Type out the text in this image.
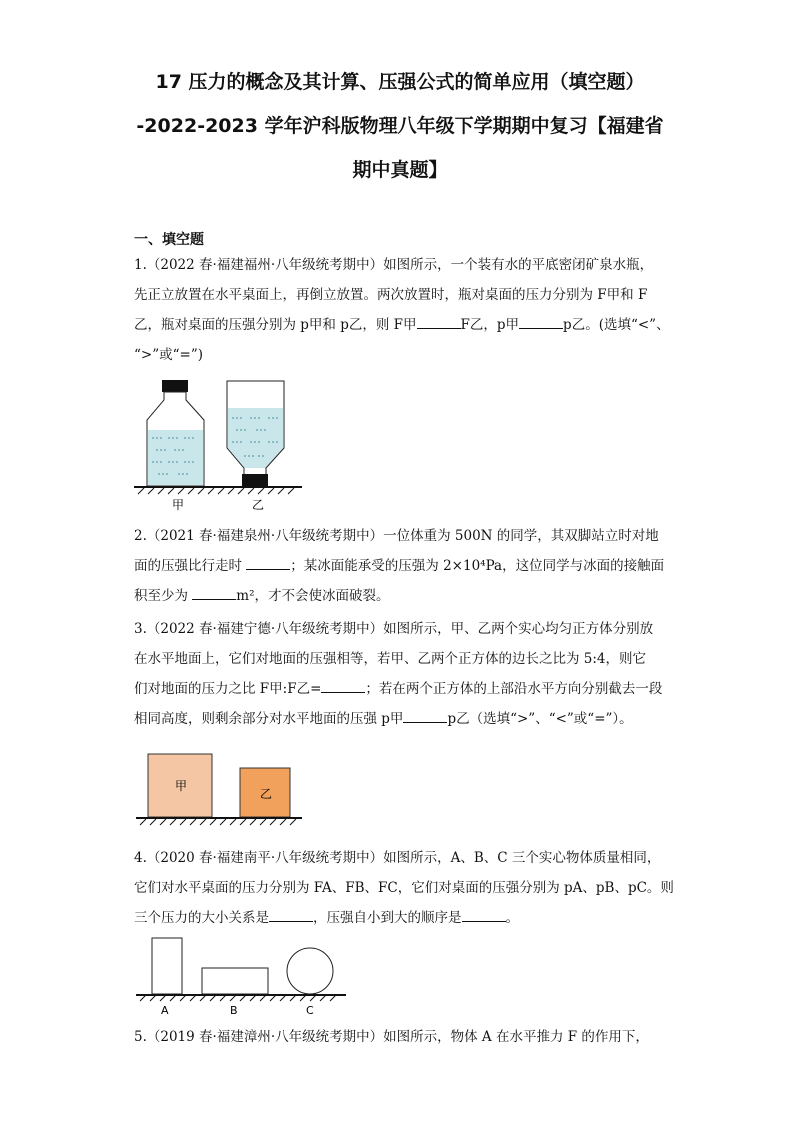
17 压力的概念及其计算、压强公式的简单应用（填空题）
-2022-2023 学年沪科版物理八年级下学期期中复习【福建省
期中真题】
一、填空题
1.（2022 春·福建福州·八年级统考期中）如图所示，一个装有水的平底密闭矿泉水瓶，
先正立放置在水平桌面上，再倒立放置。两次放置时，瓶对桌面的压力分别为 F甲和 F
乙，瓶对桌面的压强分别为 p甲和 p乙，则 F甲	F乙，p甲	p乙。(选填“<”、
“>”或“=”)
甲	乙
2.（2021 春·福建泉州·八年级统考期中）一位体重为 500N 的同学，其双脚站立时对地
面的压强比行走时	；某冰面能承受的压强为 2×10⁴Pa，这位同学与冰面的接触面
积至少为	m²，才不会使冰面破裂。
3.（2022 春·福建宁德·八年级统考期中）如图所示，甲、乙两个实心均匀正方体分别放
在水平地面上，它们对地面的压强相等，若甲、乙两个正方体的边长之比为 5:4，则它
们对地面的压力之比 F甲:F乙=	；若在两个正方体的上部沿水平方向分别截去一段
相同高度，则剩余部分对水平地面的压强 p甲	p乙（选填“>”、“<”或“=”）。
甲
乙
4.（2020 春·福建南平·八年级统考期中）如图所示，A、B、C 三个实心物体质量相同，
它们对水平桌面的压力分别为 FA、FB、FC，它们对桌面的压强分别为 pA、pB、pC。则
三个压力的大小关系是	，压强自小到大的顺序是	。
A	B	C
5.（2019 春·福建漳州·八年级统考期中）如图所示，物体 A 在水平推力 F 的作用下，
